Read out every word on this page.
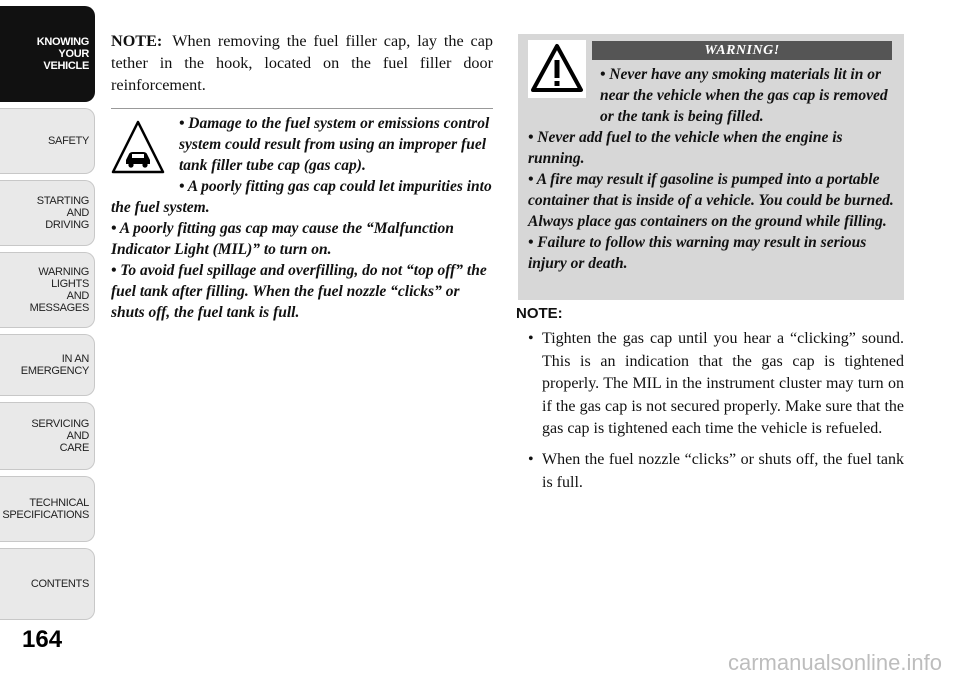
KNOWING
YOUR
VEHICLE
SAFETY
STARTING
AND
DRIVING
WARNING
LIGHTS
AND
MESSAGES
IN AN
EMERGENCY
SERVICING
AND
CARE
TECHNICAL
SPECIFICATIONS
CONTENTS
164

NOTE: When removing the fuel filler cap, lay the cap tether in the hook, located on the fuel filler door reinforcement.

• Damage to the fuel system or emissions control system could result from using an improper fuel tank filler tube cap (gas cap).
• A poorly fitting gas cap could let impurities into the fuel system.
• A poorly fitting gas cap may cause the “Malfunction Indicator Light (MIL)” to turn on.
• To avoid fuel spillage and overfilling, do not “top off” the fuel tank after filling. When the fuel nozzle “clicks” or shuts off, the fuel tank is full.
WARNING!
• Never have any smoking materials lit in or near the vehicle when the gas cap is removed or the tank is being filled.
• Never add fuel to the vehicle when the engine is running.
• A fire may result if gasoline is pumped into a portable container that is inside of a vehicle. You could be burned. Always place gas containers on the ground while filling.
• Failure to follow this warning may result in serious injury or death.

NOTE:

• Tighten the gas cap until you hear a “clicking” sound. This is an indication that the gas cap is tightened properly. The MIL in the instrument cluster may turn on if the gas cap is not secured properly. Make sure that the gas cap is tightened each time the vehicle is refueled.

• When the fuel nozzle “clicks” or shuts off, the fuel tank is full.

carmanualsonline.info
